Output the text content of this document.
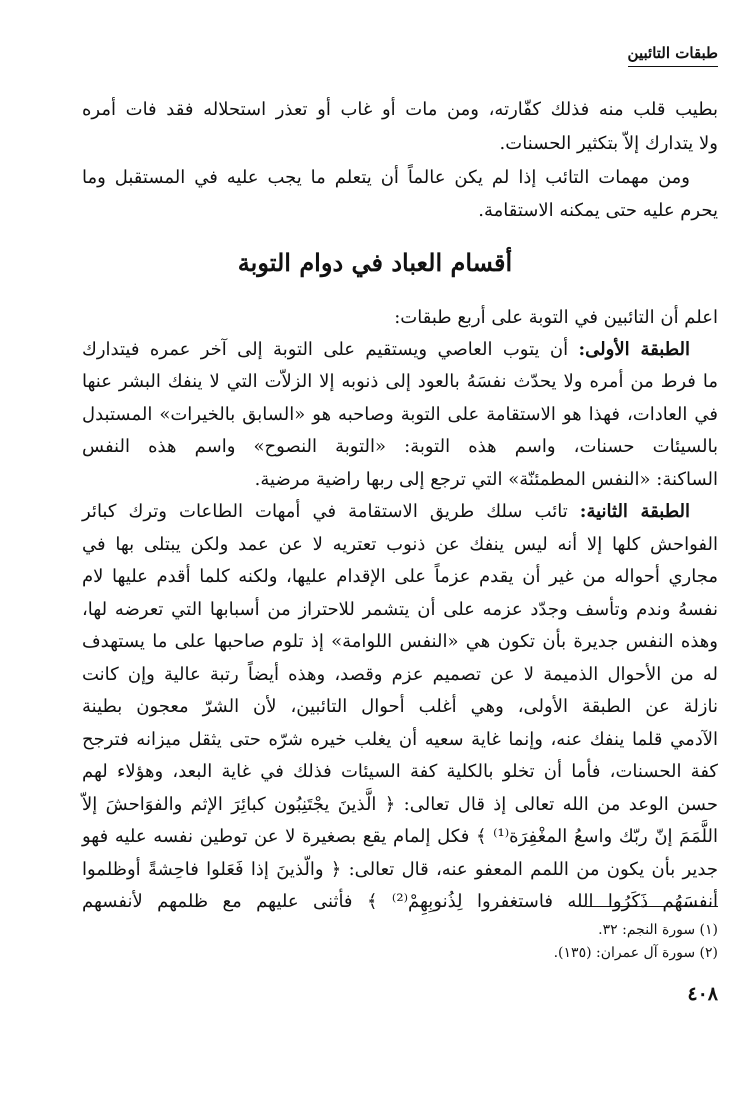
طبقات التائبين
بطيب قلب منه فذلك كفّارته، ومن مات أو غاب أو تعذر استحلاله فقد فات أمره
ولا يتدارك إلاّ بتكثير الحسنات.
ومن مهمات التائب إذا لم يكن عالماً أن يتعلم ما يجب عليه في المستقبل وما
يحرم عليه حتى يمكنه الاستقامة.
أقسام العباد في دوام التوبة
اعلم أن التائبين في التوبة على أربع طبقات:
الطبقة الأولى: أن يتوب العاصي ويستقيم على التوبة إلى آخر عمره فيتدارك
ما فرط من أمره ولا يحدّث نفسَهُ بالعود إلى ذنوبه إلا الزلاّت التي لا ينفك البشر عنها
في العادات، فهذا هو الاستقامة على التوبة وصاحبه هو «السابق بالخيرات» المستبدل
بالسيئات حسنات، واسم هذه التوبة: «التوبة النصوح» واسم هذه النفس
الساكنة: «النفس المطمئنّة» التي ترجع إلى ربها راضية مرضية.
الطبقة الثانية: تائب سلك طريق الاستقامة في أمهات الطاعات وترك كبائر
الفواحش كلها إلا أنه ليس ينفك عن ذنوب تعتريه لا عن عمد ولكن يبتلى بها في
مجاري أحواله من غير أن يقدم عزماً على الإقدام عليها، ولكنه كلما أقدم عليها لام
نفسهُ وندم وتأسف وجدّد عزمه على أن يتشمر للاحتراز من أسبابها التي تعرضه لها،
وهذه النفس جديرة بأن تكون هي «النفس اللوامة» إذ تلوم صاحبها على ما يستهدف
له من الأحوال الذميمة لا عن تصميم عزم وقصد، وهذه أيضاً رتبة عالية وإن كانت
نازلة عن الطبقة الأولى، وهي أغلب أحوال التائبين، لأن الشرّ معجون بطينة
الآدمي قلما ينفك عنه، وإنما غاية سعيه أن يغلب خيره شرّه حتى يثقل ميزانه فترجح
كفة الحسنات، فأما أن تخلو بالكلية كفة السيئات فذلك في غاية البعد، وهؤلاء لهم
حسن الوعد من الله تعالى إذ قال تعالى: ﴿ الَّذينَ يجْتَنِبُون كبائِرَ الإثم والفوَاحشَ إلاّ
اللَّمَمَ إنّ ربّك واسعُ المغْفِرَة⁽¹⁾ ﴾ فكل إلمام يقع بصغيرة لا عن توطين نفسه عليه فهو
جدير بأن يكون من اللمم المعفو عنه، قال تعالى: ﴿ والّذينَ إذا فَعَلوا فاحِشةً أوظلموا
أنفسَهُم ذَكَرُوا الله فاستغفروا لِذُنوبِهِمْ⁽²⁾ ﴾ فأثنى عليهم مع ظلمهم لأنفسهم
(١) سورة النجم: ٣٢.
(٢) سورة آل عمران: (١٣٥).
٤٠٨
